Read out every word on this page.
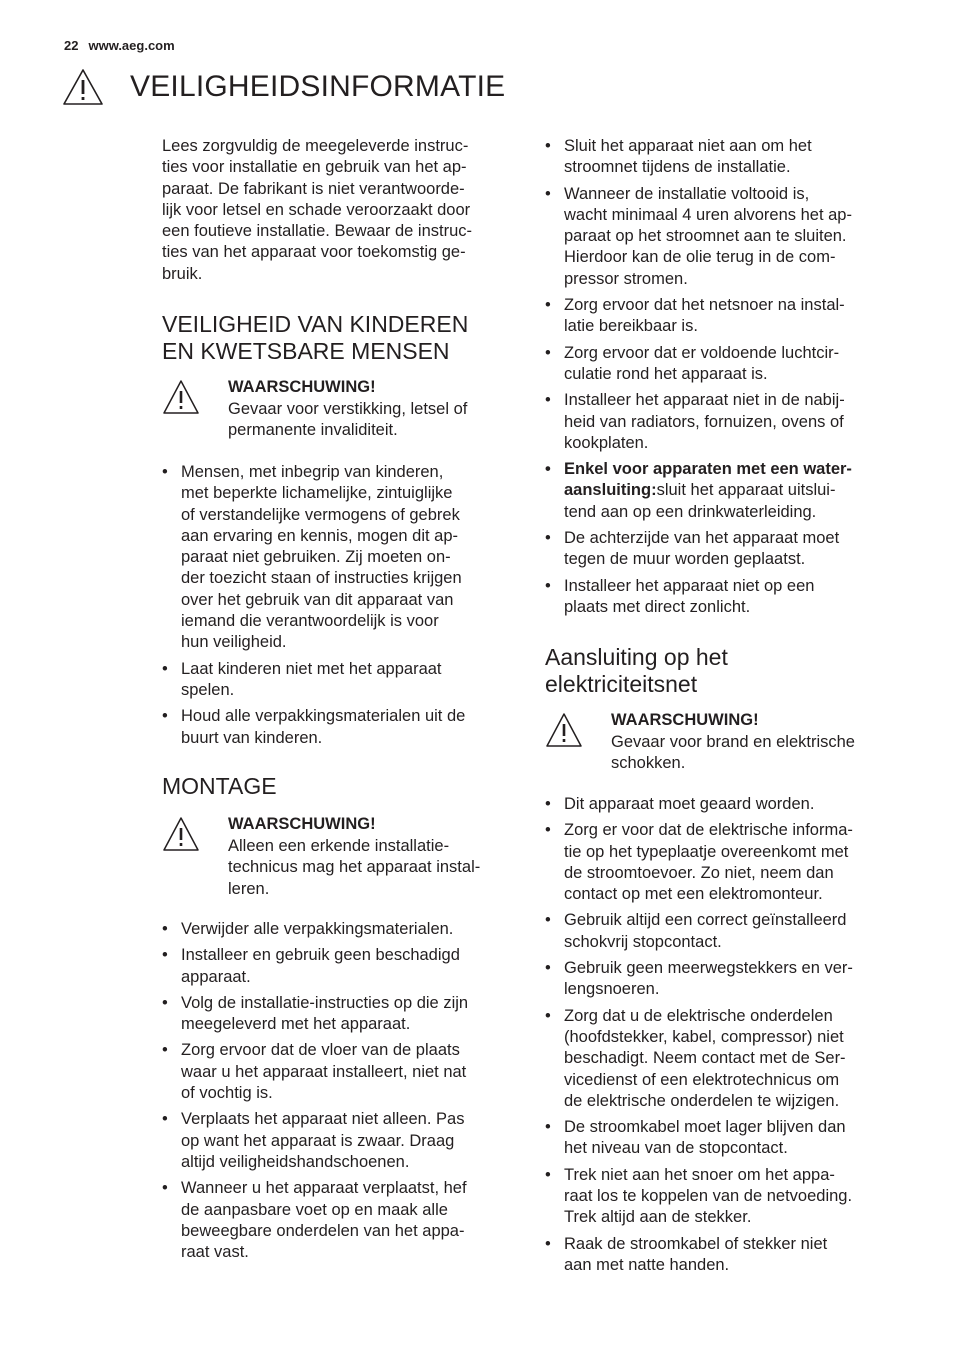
22 www.aeg.com
VEILIGHEIDSINFORMATIE

Lees zorgvuldig de meegeleverde instruc-
ties voor installatie en gebruik van het ap-
paraat. De fabrikant is niet verantwoorde-
lijk voor letsel en schade veroorzaakt door
een foutieve installatie. Bewaar de instruc-
ties van het apparaat voor toekomstig ge-
bruik.

VEILIGHEID VAN KINDEREN
EN KWETSBARE MENSEN
WAARSCHUWING!
Gevaar voor verstikking, letsel of
permanente invaliditeit.
• Mensen, met inbegrip van kinderen,
met beperkte lichamelijke, zintuiglijke
of verstandelijke vermogens of gebrek
aan ervaring en kennis, mogen dit ap-
paraat niet gebruiken. Zij moeten on-
der toezicht staan of instructies krijgen
over het gebruik van dit apparaat van
iemand die verantwoordelijk is voor
hun veiligheid.
• Laat kinderen niet met het apparaat
spelen.
• Houd alle verpakkingsmaterialen uit de
buurt van kinderen.
MONTAGE
WAARSCHUWING!
Alleen een erkende installatie-
technicus mag het apparaat instal-
leren.
• Verwijder alle verpakkingsmaterialen.
• Installeer en gebruik geen beschadigd
apparaat.
• Volg de installatie-instructies op die zijn
meegeleverd met het apparaat.
• Zorg ervoor dat de vloer van de plaats
waar u het apparaat installeert, niet nat
of vochtig is.
• Verplaats het apparaat niet alleen. Pas
op want het apparaat is zwaar. Draag
altijd veiligheidshandschoenen.
• Wanneer u het apparaat verplaatst, hef
de aanpasbare voet op en maak alle
beweegbare onderdelen van het appa-
raat vast.
• Sluit het apparaat niet aan om het
stroomnet tijdens de installatie.
• Wanneer de installatie voltooid is,
wacht minimaal 4 uren alvorens het ap-
paraat op het stroomnet aan te sluiten.
Hierdoor kan de olie terug in de com-
pressor stromen.
• Zorg ervoor dat het netsnoer na instal-
latie bereikbaar is.
• Zorg ervoor dat er voldoende luchtcir-
culatie rond het apparaat is.
• Installeer het apparaat niet in de nabij-
heid van radiators, fornuizen, ovens of
kookplaten.
• Enkel voor apparaten met een water-
aansluiting:sluit het apparaat uitslui-
tend aan op een drinkwaterleiding.
• De achterzijde van het apparaat moet
tegen de muur worden geplaatst.
• Installeer het apparaat niet op een
plaats met direct zonlicht.
Aansluiting op het
elektriciteitsnet
WAARSCHUWING!
Gevaar voor brand en elektrische
schokken.
• Dit apparaat moet geaard worden.
• Zorg er voor dat de elektrische informa-
tie op het typeplaatje overeenkomt met
de stroomtoevoer. Zo niet, neem dan
contact op met een elektromonteur.
• Gebruik altijd een correct geïnstalleerd
schokvrij stopcontact.
• Gebruik geen meerwegstekkers en ver-
lengsnoeren.
• Zorg dat u de elektrische onderdelen
(hoofdstekker, kabel, compressor) niet
beschadigt. Neem contact met de Ser-
vicedienst of een elektrotechnicus om
de elektrische onderdelen te wijzigen.
• De stroomkabel moet lager blijven dan
het niveau van de stopcontact.
• Trek niet aan het snoer om het appa-
raat los te koppelen van de netvoeding.
Trek altijd aan de stekker.
• Raak de stroomkabel of stekker niet
aan met natte handen.
